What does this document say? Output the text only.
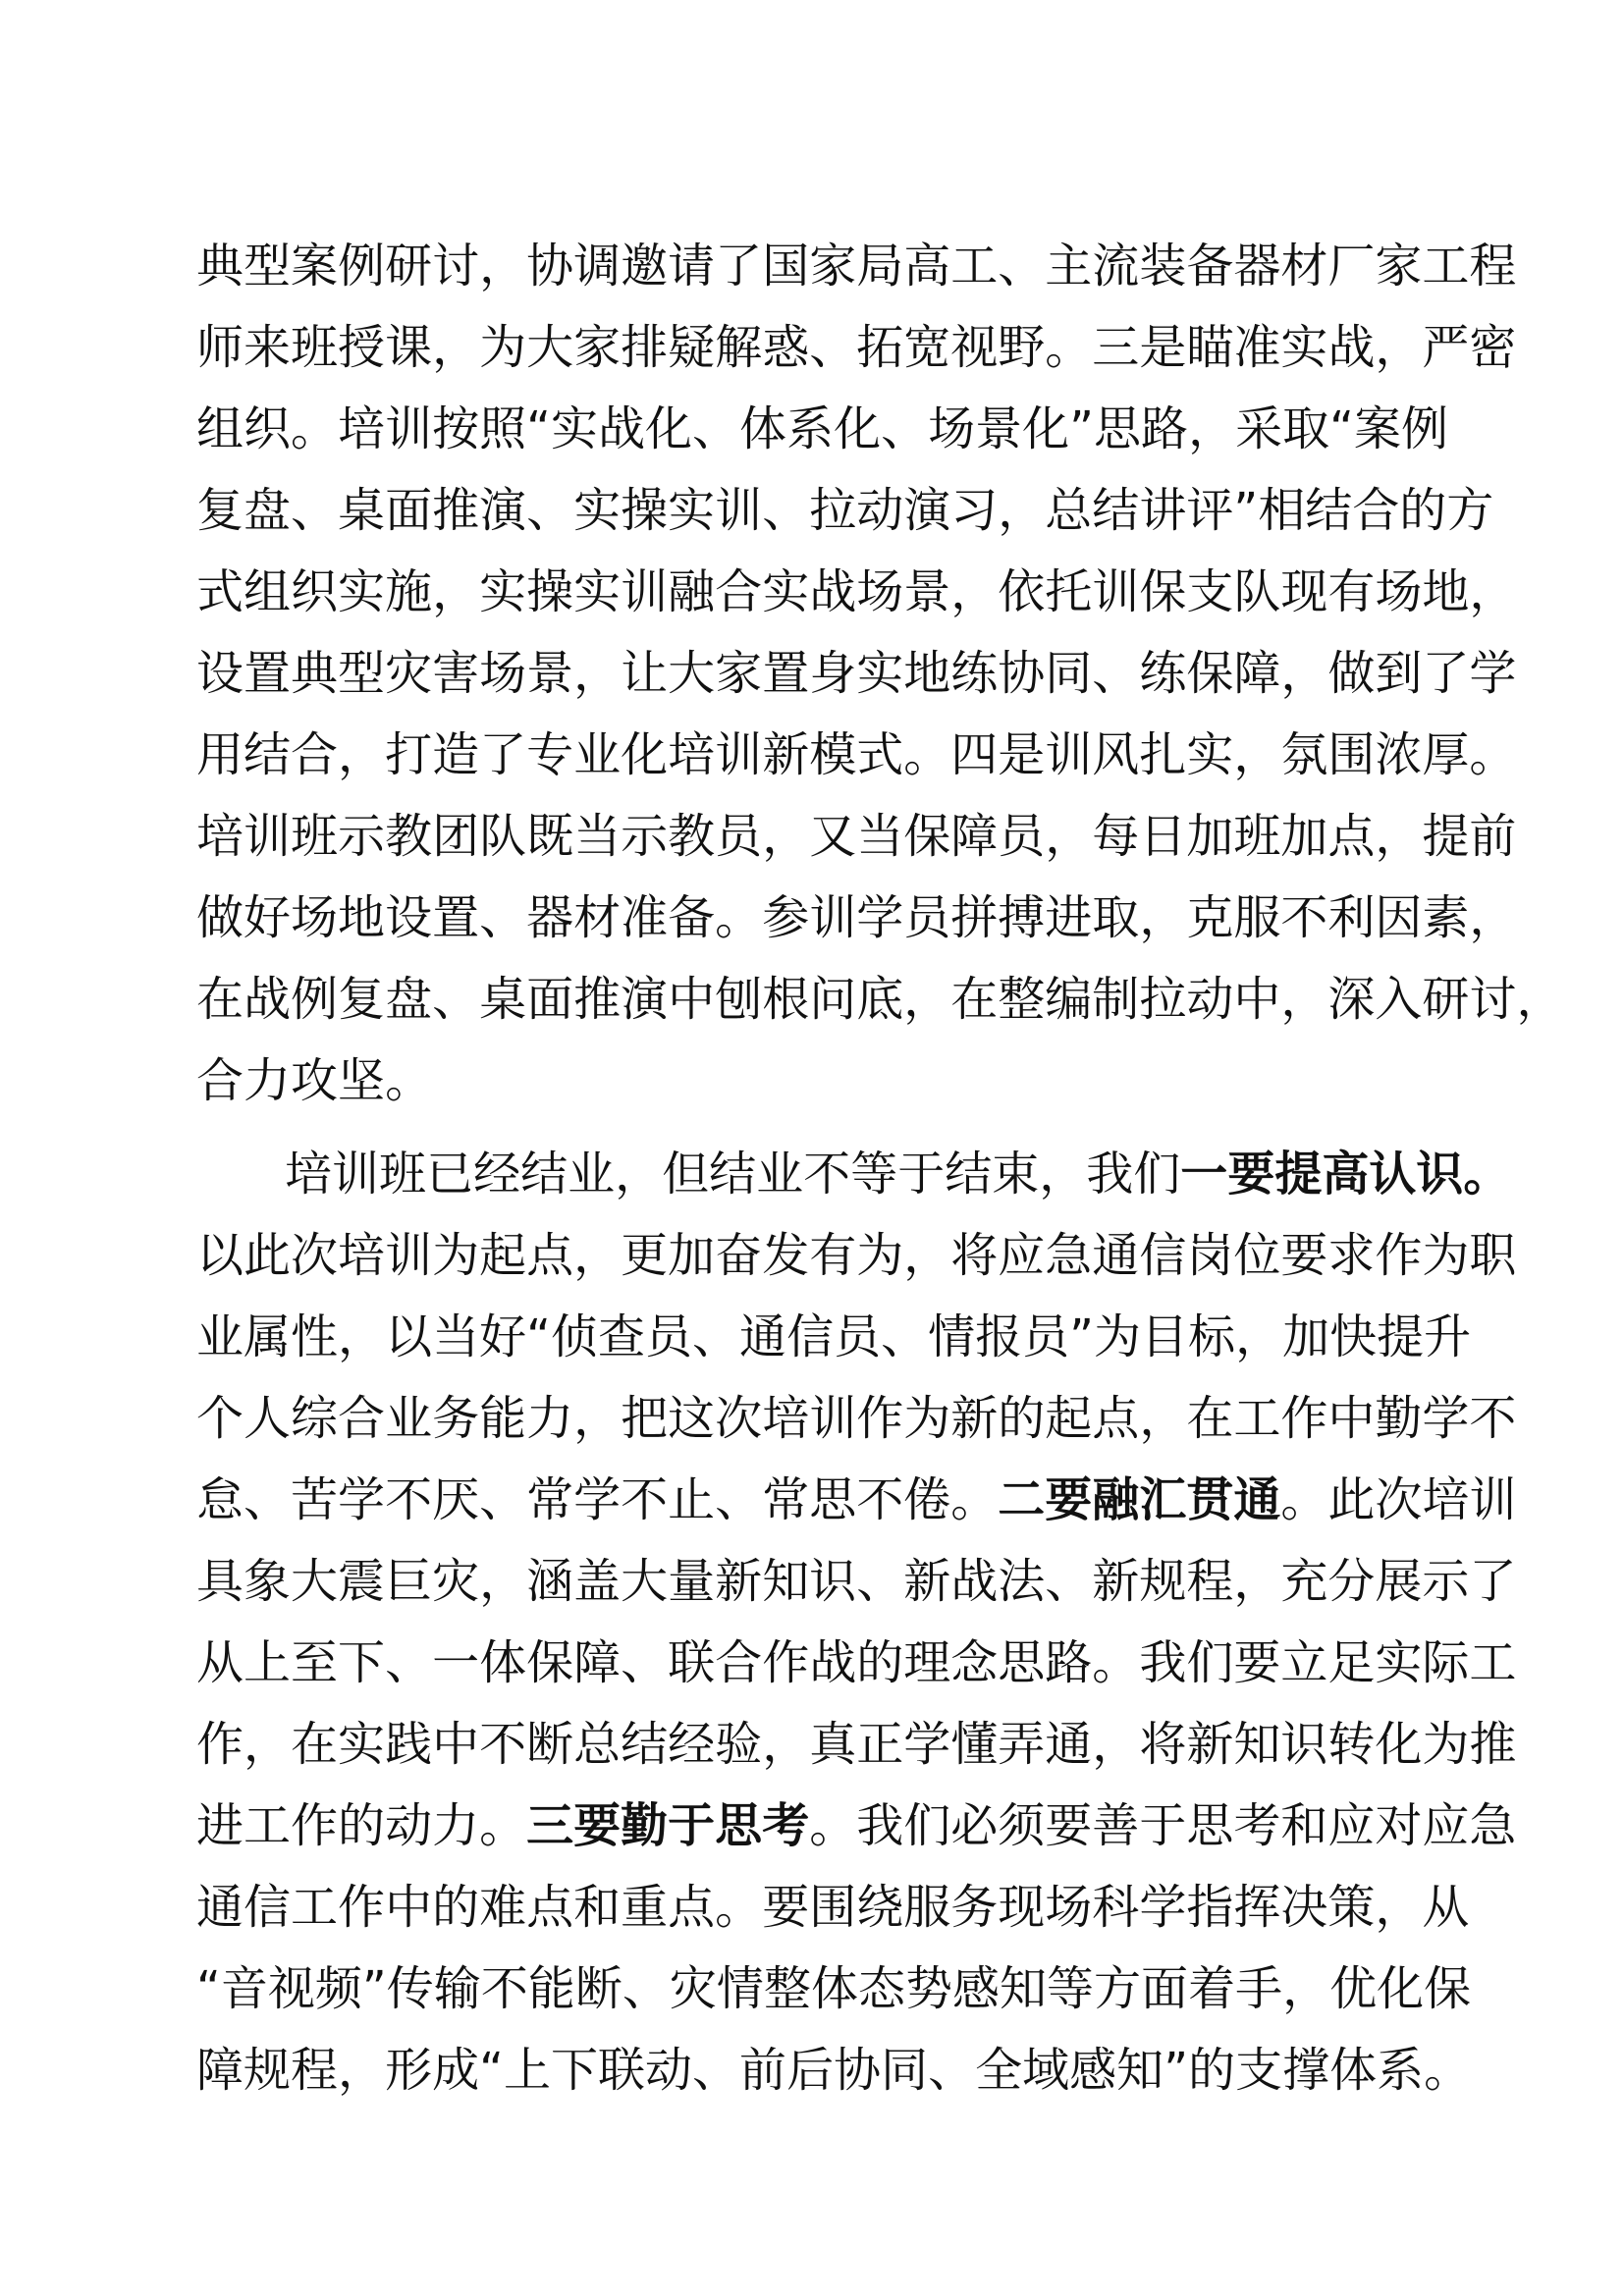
典 型 案 例 研 讨 ， 协 调 邀 请 了 国 家 局 高 工 、 主 流 装 备 器 材 厂 家 工 程
师 来 班 授 课 ， 为 大 家 排 疑 解 惑 、 拓 宽 视 野 。 三 是 瞄 准 实 战 ， 严 密
组 织 。 培 训 按 照 “ 实 战 化 、 体 系 化 、 场 景 化 ” 思 路 ， 采 取 “ 案 例
复 盘 、 桌 面 推 演 、 实 操 实 训 、 拉 动 演 习 ， 总 结 讲 评 ” 相 结 合 的 方
式 组 织 实 施 ， 实 操 实 训 融 合 实 战 场 景 ， 依 托 训 保 支 队 现 有 场 地 ，
设 置 典 型 灾 害 场 景 ， 让 大 家 置 身 实 地 练 协 同 、 练 保 障 ， 做 到 了 学
用 结 合 ， 打 造 了 专 业 化 培 训 新 模 式 。 四 是 训 风 扎 实 ， 氛 围 浓 厚 。
培 训 班 示 教 团 队 既 当 示 教 员 ， 又 当 保 障 员 ， 每 日 加 班 加 点 ， 提 前
做 好 场 地 设 置 、 器 材 准 备 。 参 训 学 员 拼 搏 进 取 ， 克 服 不 利 因 素 ，
在 战 例 复 盘 、 桌 面 推 演 中 刨 根 问 底 ， 在 整 编 制 拉 动 中 ， 深 入 研 讨 ，
合 力 攻 坚 。
培 训 班 已 经 结 业 ， 但 结 业 不 等 于 结 束 ， 我 们 一 要 提 高 认 识 。
以 此 次 培 训 为 起 点 ， 更 加 奋 发 有 为 ， 将 应 急 通 信 岗 位 要 求 作 为 职
业 属 性 ， 以 当 好 “ 侦 查 员 、 通 信 员 、 情 报 员 ” 为 目 标 ， 加 快 提 升
个 人 综 合 业 务 能 力 ， 把 这 次 培 训 作 为 新 的 起 点 ， 在 工 作 中 勤 学 不
怠 、 苦 学 不 厌 、 常 学 不 止 、 常 思 不 倦 。 二 要 融 汇 贯 通 。 此 次 培 训
具 象 大 震 巨 灾 ， 涵 盖 大 量 新 知 识 、 新 战 法 、 新 规 程 ， 充 分 展 示 了
从 上 至 下 、 一 体 保 障 、 联 合 作 战 的 理 念 思 路 。 我 们 要 立 足 实 际 工
作 ， 在 实 践 中 不 断 总 结 经 验 ， 真 正 学 懂 弄 通 ， 将 新 知 识 转 化 为 推
进 工 作 的 动 力 。 三 要 勤 于 思 考 。 我 们 必 须 要 善 于 思 考 和 应 对 应 急
通 信 工 作 中 的 难 点 和 重 点 。 要 围 绕 服 务 现 场 科 学 指 挥 决 策 ， 从
“ 音 视 频 ” 传 输 不 能 断 、 灾 情 整 体 态 势 感 知 等 方 面 着 手 ， 优 化 保
障 规 程 ， 形 成 “ 上 下 联 动 、 前 后 协 同 、 全 域 感 知 ” 的 支 撑 体 系 。
